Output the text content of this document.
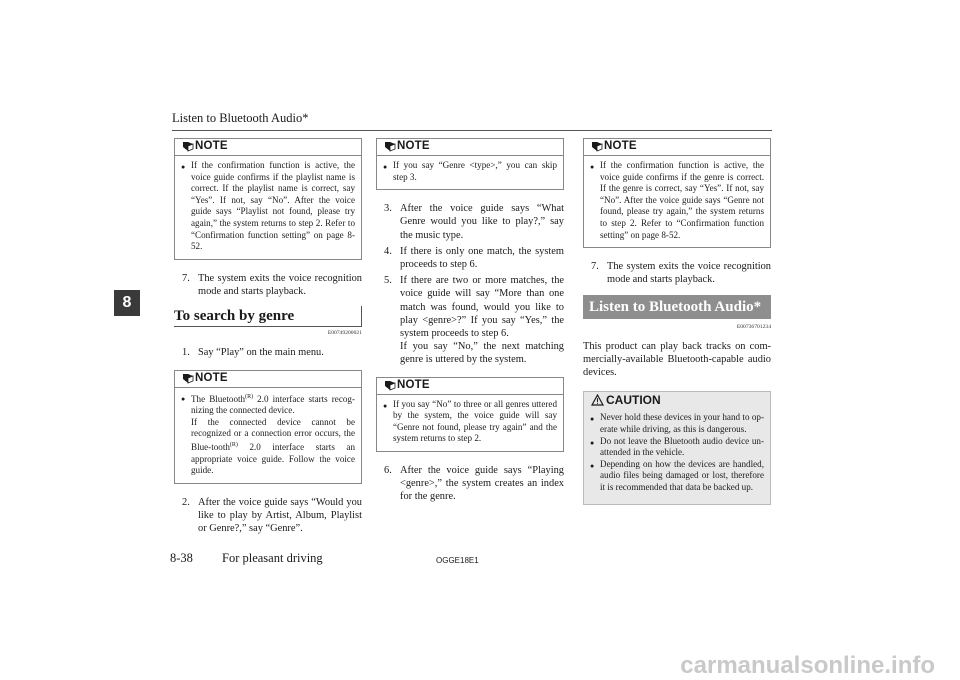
Listen to Bluetooth Audio*
8
NOTE
● If the confirmation function is active, the voice guide confirms if the playlist name is correct. If the playlist name is correct, say “Yes”. If not, say “No”. After the voice guide says “Playlist not found, please try again,” the system returns to step 2. Refer to “Confirmation function setting” on page 8-52.
7. The system exits the voice recognition mode and starts playback.
To search by genre
E00749200021
1. Say “Play” on the main menu.
NOTE
● The Bluetooth$^{(R)}$ 2.0 interface starts recog-nizing the connected device.
If the connected device cannot be recognized or a connection error occurs, the Blue-tooth$^{(R)}$ 2.0 interface starts an appropriate voice guide. Follow the voice guide.
2. After the voice guide says “Would you like to play by Artist, Album, Playlist or Genre?,” say “Genre”.
NOTE
● If you say “Genre <type>,” you can skip step 3.
3. After the voice guide says “What Genre would you like to play?,” say the music type.
4. If there is only one match, the system proceeds to step 6.
5. If there are two or more matches, the voice guide will say “More than one match was found, would you like to play <genre>?” If you say “Yes,” the system proceeds to step 6.

If you say “No,” the next matching genre is uttered by the system.

NOTE
● If you say “No” to three or all genres uttered by the system, the voice guide will say “Genre not found, please try again” and the system returns to step 2.
6. After the voice guide says “Playing <genre>,” the system creates an index for the genre.
NOTE
● If the confirmation function is active, the voice guide confirms if the genre is correct. If the genre is correct, say “Yes”. If not, say “No”. After the voice guide says “Genre not found, please try again,” the system returns to step 2. Refer to “Confirmation function setting” on page 8-52.
7. The system exits the voice recognition mode and starts playback.
Listen to Bluetooth Audio*
E00736701234
This product can play back tracks on com-mercially-available Bluetooth-capable audio devices.
CAUTION
● Never hold these devices in your hand to op-erate while driving, as this is dangerous.
● Do not leave the Bluetooth audio device un-attended in the vehicle.
● Depending on how the devices are handled, audio files being damaged or lost, therefore it is recommended that data be backed up.
8-38 For pleasant driving	OGGE18E1
carmanualsonline.info
